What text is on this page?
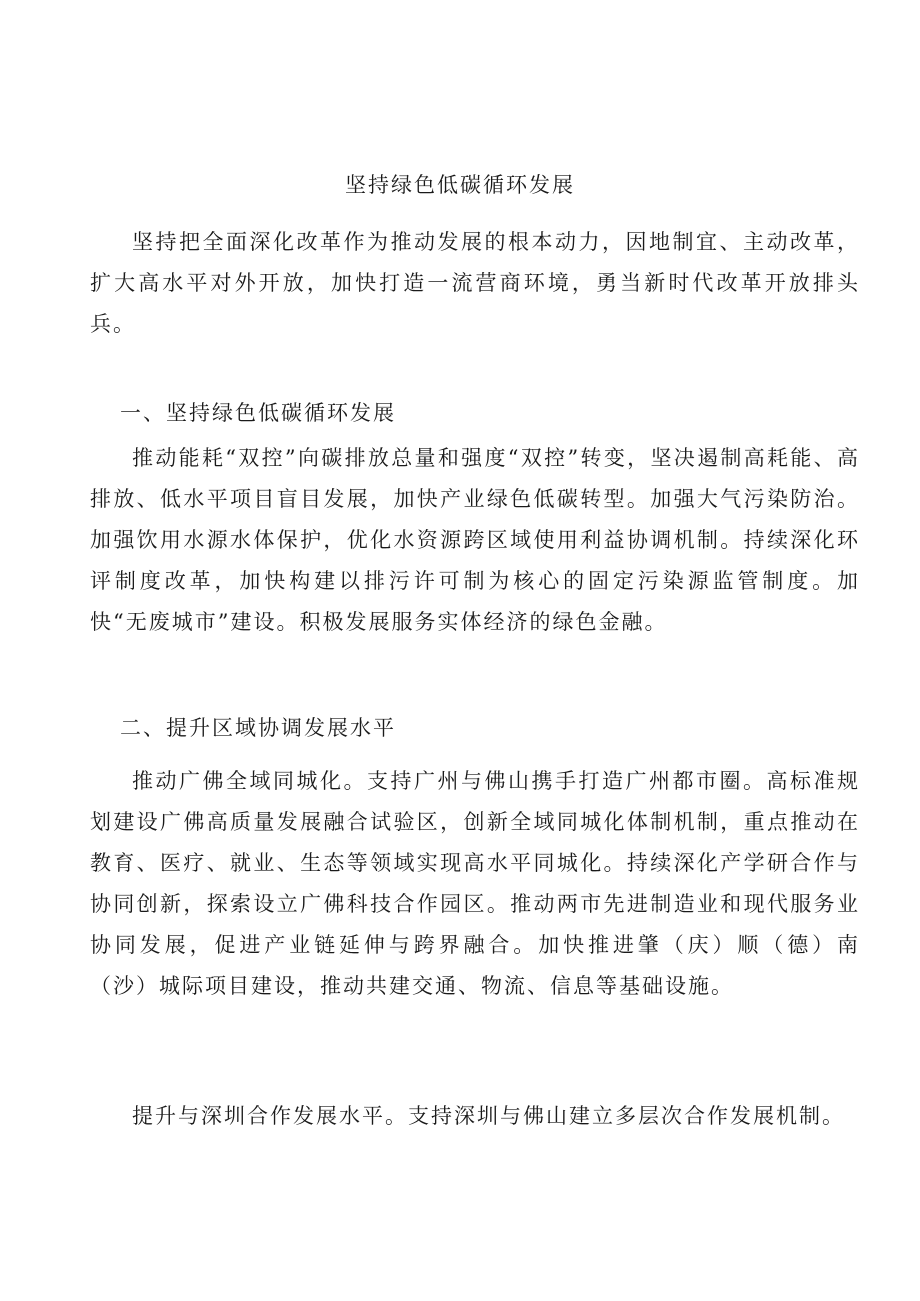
坚持绿色低碳循环发展

坚持把全面深化改革作为推动发展的根本动力，因地制宜、主动改革，扩大高水平对外开放，加快打造一流营商环境，勇当新时代改革开放排头兵。

一、坚持绿色低碳循环发展

推动能耗“双控”向碳排放总量和强度“双控”转变，坚决遏制高耗能、高排放、低水平项目盲目发展，加快产业绿色低碳转型。加强大气污染防治。加强饮用水源水体保护，优化水资源跨区域使用利益协调机制。持续深化环评制度改革，加快构建以排污许可制为核心的固定污染源监管制度。加快“无废城市”建设。积极发展服务实体经济的绿色金融。

二、提升区域协调发展水平

推动广佛全域同城化。支持广州与佛山携手打造广州都市圈。高标准规划建设广佛高质量发展融合试验区，创新全域同城化体制机制，重点推动在教育、医疗、就业、生态等领域实现高水平同城化。持续深化产学研合作与协同创新，探索设立广佛科技合作园区。推动两市先进制造业和现代服务业协同发展，促进产业链延伸与跨界融合。加快推进肇（庆）顺（德）南（沙）城际项目建设，推动共建交通、物流、信息等基础设施。

提升与深圳合作发展水平。支持深圳与佛山建立多层次合作发展机制。
